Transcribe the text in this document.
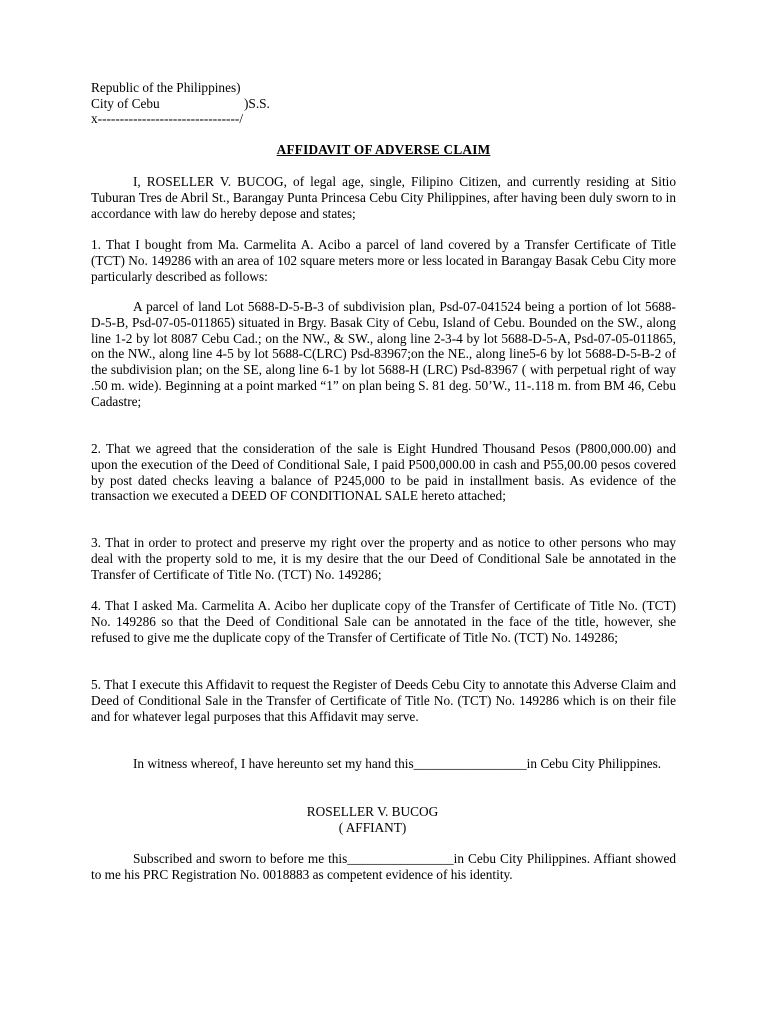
Republic of the Philippines)
City of Cebu	)S.S.
x--------------------------------/
AFFIDAVIT OF ADVERSE CLAIM

I, ROSELLER V. BUCOG, of legal age, single, Filipino Citizen, and currently residing at Sitio Tuburan Tres de Abril St., Barangay Punta Princesa Cebu City Philippines, after having been duly sworn to in accordance with law do hereby depose and states;

1. That I bought from Ma. Carmelita A. Acibo a parcel of land covered by a Transfer Certificate of Title (TCT) No. 149286 with an area of 102 square meters more or less located in Barangay Basak Cebu City more particularly described as follows:

A parcel of land Lot 5688-D-5-B-3 of subdivision plan, Psd-07-041524 being a portion of lot 5688-D-5-B, Psd-07-05-011865) situated in Brgy. Basak City of Cebu, Island of Cebu. Bounded on the SW., along line 1-2 by lot 8087 Cebu Cad.; on the NW., & SW., along line 2-3-4 by lot 5688-D-5-A, Psd-07-05-011865, on the NW., along line 4-5 by lot 5688-C(LRC) Psd-83967;on the NE., along line5-6 by lot 5688-D-5-B-2 of the subdivision plan; on the SE, along line 6-1 by lot 5688-H (LRC) Psd-83967 ( with perpetual right of way .50 m. wide). Beginning at a point marked “1” on plan being S. 81 deg. 50’W., 11-.118 m. from BM 46, Cebu Cadastre;

2. That we agreed that the consideration of the sale is Eight Hundred Thousand Pesos (P800,000.00) and upon the execution of the Deed of Conditional Sale, I paid P500,000.00 in cash and P55,00.00 pesos covered by post dated checks leaving a balance of P245,000 to be paid in installment basis. As evidence of the transaction we executed a DEED OF CONDITIONAL SALE hereto attached;

3. That in order to protect and preserve my right over the property and as notice to other persons who may deal with the property sold to me, it is my desire that the our Deed of Conditional Sale be annotated in the Transfer of Certificate of Title No. (TCT) No. 149286;

4. That I asked Ma. Carmelita A. Acibo her duplicate copy of the Transfer of Certificate of Title No. (TCT) No. 149286 so that the Deed of Conditional Sale can be annotated in the face of the title, however, she refused to give me the duplicate copy of the Transfer of Certificate of Title No. (TCT) No. 149286;

5. That I execute this Affidavit to request the Register of Deeds Cebu City to annotate this Adverse Claim and Deed of Conditional Sale in the Transfer of Certificate of Title No. (TCT) No. 149286 which is on their file and for whatever legal purposes that this Affidavit may serve.

In witness whereof, I have hereunto set my hand this_________________in Cebu City Philippines.

ROSELLER V. BUCOG
( AFFIANT)

Subscribed and sworn to before me this________________in Cebu City Philippines. Affiant showed to me his PRC Registration No. 0018883 as competent evidence of his identity.
